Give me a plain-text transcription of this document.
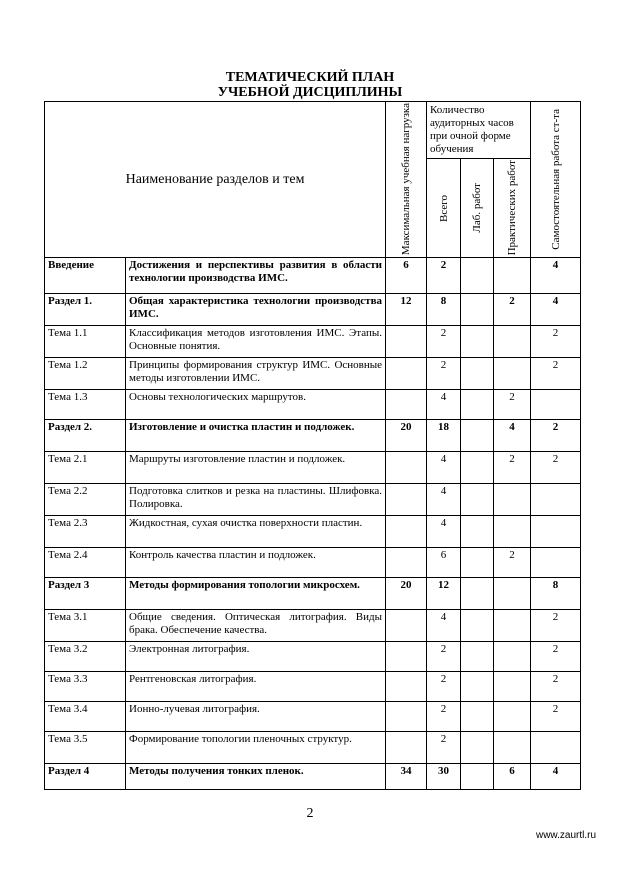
ТЕМАТИЧЕСКИЙ ПЛАН
УЧЕБНОЙ ДИСЦИПЛИНЫ
Наименование разделов и тем		Максимальная учебная нагрузка	Количество аудиторных часов при очной форме обучения			Самостоятельная работа ст-та

			Всего	Лаб. работ	Практических работ	

Введение	Достижения и перспективы развития в области технологии производства ИМС.	6	2			4
Раздел 1.	Общая характеристика технологии производства ИМС.	12	8		2	4
Тема 1.1	Классификация методов изготовления ИМС. Этапы. Основные понятия.		2			2
Тема 1.2	Принципы формирования структур ИМС. Основные методы изготовлении ИМС.		2			2
Тема 1.3	Основы технологических маршрутов.		4		2	
Раздел 2.	Изготовление и очистка пластин и подложек.	20	18		4	2
Тема 2.1	Маршруты изготовление пластин и подложек.		4		2	2
Тема 2.2	Подготовка слитков и резка на пластины. Шлифовка. Полировка.		4			
Тема 2.3	Жидкостная, сухая очистка поверхности пластин.		4			
Тема 2.4	Контроль качества пластин и подложек.		6		2	
Раздел 3	Методы формирования топологии микросхем.	20	12			8
Тема 3.1	Общие сведения. Оптическая литография. Виды брака. Обеспечение качества.		4			2
Тема 3.2	Электронная литография.		2			2
Тема 3.3	Рентгеновская литография.		2			2
Тема 3.4	Ионно-лучевая литография.		2			2
Тема 3.5	Формирование топологии пленочных структур.		2			
Раздел 4	Методы получения тонких пленок.	34	30		6	4
2
www.zaurtl.ru
